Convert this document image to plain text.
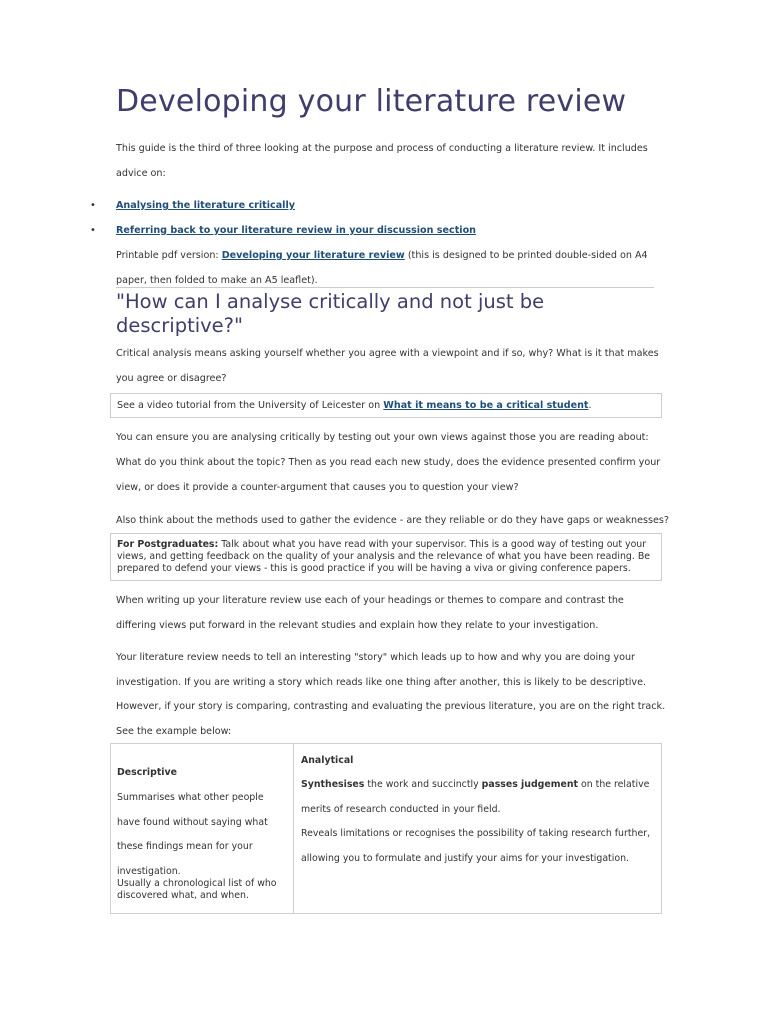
Developing your literature review
This guide is the third of three looking at the purpose and process of conducting a literature review. It includes
advice on:
• Analysing the literature critically
• Referring back to your literature review in your discussion section
Printable pdf version: Developing your literature review (this is designed to be printed double-sided on A4
paper, then folded to make an A5 leaflet).
"How can I analyse critically and not just be descriptive?"
Critical analysis means asking yourself whether you agree with a viewpoint and if so, why? What is it that makes
you agree or disagree?
See a video tutorial from the University of Leicester on What it means to be a critical student.
You can ensure you are analysing critically by testing out your own views against those you are reading about:
What do you think about the topic? Then as you read each new study, does the evidence presented confirm your
view, or does it provide a counter-argument that causes you to question your view?
Also think about the methods used to gather the evidence - are they reliable or do they have gaps or weaknesses?
For Postgraduates: Talk about what you have read with your supervisor. This is a good way of testing out your
views, and getting feedback on the quality of your analysis and the relevance of what you have been reading. Be
prepared to defend your views - this is good practice if you will be having a viva or giving conference papers.
When writing up your literature review use each of your headings or themes to compare and contrast the
differing views put forward in the relevant studies and explain how they relate to your investigation.
Your literature review needs to tell an interesting "story" which leads up to how and why you are doing your
investigation. If you are writing a story which reads like one thing after another, this is likely to be descriptive.
However, if your story is comparing, contrasting and evaluating the previous literature, you are on the right track.
See the example below:
Descriptive
Summarises what other people
have found without saying what
these findings mean for your
investigation.
Usually a chronological list of who
discovered what, and when.
Analytical
Synthesises the work and succinctly passes judgement on the relative
merits of research conducted in your field.
Reveals limitations or recognises the possibility of taking research further,
allowing you to formulate and justify your aims for your investigation.
